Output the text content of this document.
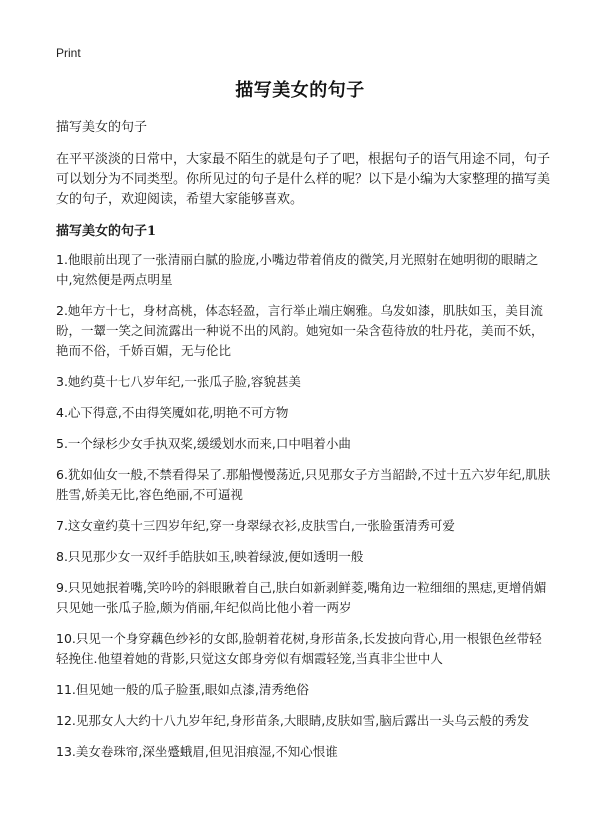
Print
描写美女的句子

描写美女的句子

在平平淡淡的日常中，大家最不陌生的就是句子了吧，根据句子的语气用途不同，句子可以划分为不同类型。你所见过的句子是什么样的呢？以下是小编为大家整理的描写美女的句子，欢迎阅读，希望大家能够喜欢。

描写美女的句子1

1.他眼前出现了一张清丽白腻的脸庞,小嘴边带着俏皮的微笑,月光照射在她明彻的眼睛之中,宛然便是两点明星
2.她年方十七，身材高桃，体态轻盈，言行举止端庄娴雅。乌发如漆，肌肤如玉，美目流盼，一颦一笑之间流露出一种说不出的风韵。她宛如一朵含苞待放的牡丹花，美而不妖，艳而不俗，千娇百媚，无与伦比
3.她约莫十七八岁年纪,一张瓜子脸,容貌甚美
4.心下得意,不由得笑魇如花,明艳不可方物
5.一个绿杉少女手执双桨,缓缓划水而来,口中唱着小曲
6.犹如仙女一般,不禁看得呆了.那船慢慢荡近,只见那女子方当韶龄,不过十五六岁年纪,肌肤胜雪,娇美无比,容色绝丽,不可逼视
7.这女童约莫十三四岁年纪,穿一身翠绿衣衫,皮肤雪白,一张脸蛋清秀可爱
8.只见那少女一双纤手皓肤如玉,映着绿波,便如透明一般
9.只见她抿着嘴,笑吟吟的斜眼瞅着自己,肤白如新剥鲜菱,嘴角边一粒细细的黑痣,更增俏媚只见她一张瓜子脸,颇为俏丽,年纪似尚比他小着一两岁
10.只见一个身穿藕色纱衫的女郎,脸朝着花树,身形苗条,长发披向背心,用一根银色丝带轻轻挽住.他望着她的背影,只觉这女郎身旁似有烟霞轻笼,当真非尘世中人
11.但见她一般的瓜子脸蛋,眼如点漆,清秀绝俗
12.见那女人大约十八九岁年纪,身形苗条,大眼睛,皮肤如雪,脑后露出一头乌云般的秀发
13.美女卷珠帘,深坐蹙蛾眉,但见泪痕湿,不知心恨谁
